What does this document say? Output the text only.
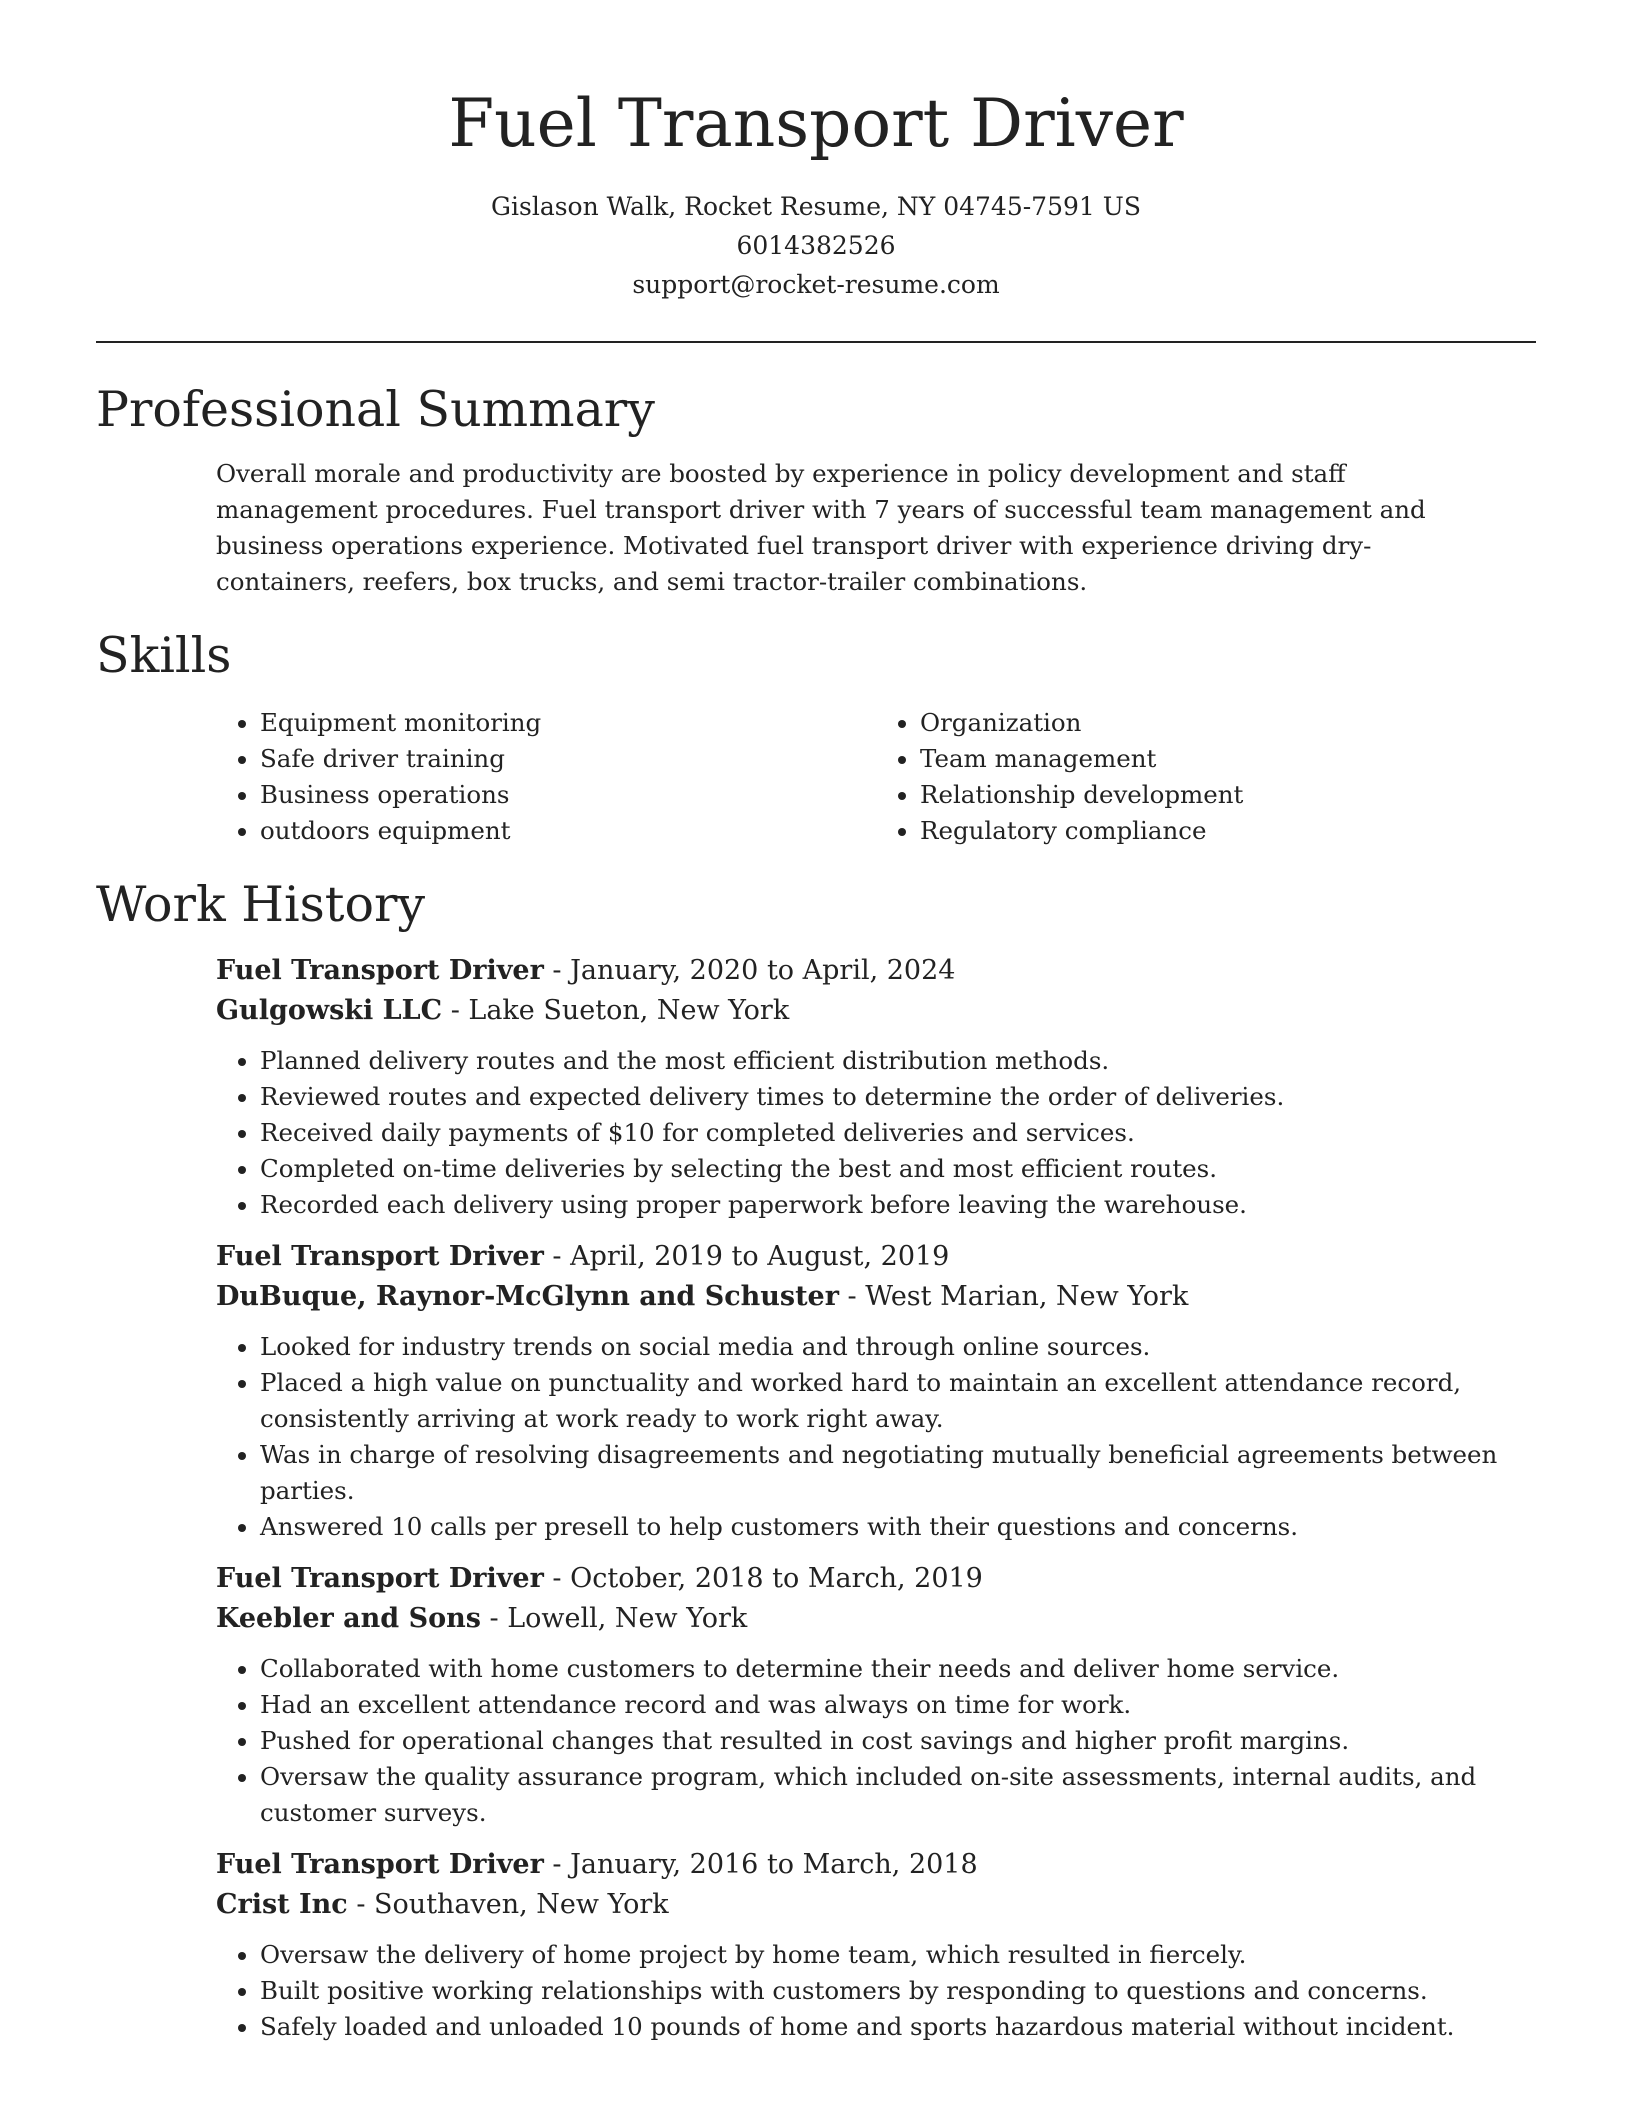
Fuel Transport Driver
Gislason Walk, Rocket Resume, NY 04745-7591 US
6014382526
support@rocket-resume.com
Professional Summary

Overall morale and productivity are boosted by experience in policy development and staff management procedures. Fuel transport driver with 7 years of successful team management and business operations experience. Motivated fuel transport driver with experience driving dry-containers, reefers, box trucks, and semi tractor-trailer combinations.

Skills
• Equipment monitoring
• Safe driver training
• Business operations
• outdoors equipment
• Organization
• Team management
• Relationship development
• Regulatory compliance
Work History
Fuel Transport Driver - January, 2020 to April, 2024
Gulgowski LLC - Lake Sueton, New York
• Planned delivery routes and the most efficient distribution methods.
• Reviewed routes and expected delivery times to determine the order of deliveries.
• Received daily payments of $10 for completed deliveries and services.
• Completed on-time deliveries by selecting the best and most efficient routes.
• Recorded each delivery using proper paperwork before leaving the warehouse.
Fuel Transport Driver - April, 2019 to August, 2019
DuBuque, Raynor-McGlynn and Schuster - West Marian, New York
• Looked for industry trends on social media and through online sources.
• Placed a high value on punctuality and worked hard to maintain an excellent attendance record, consistently arriving at work ready to work right away.
• Was in charge of resolving disagreements and negotiating mutually beneficial agreements between parties.
• Answered 10 calls per presell to help customers with their questions and concerns.
Fuel Transport Driver - October, 2018 to March, 2019
Keebler and Sons - Lowell, New York
• Collaborated with home customers to determine their needs and deliver home service.
• Had an excellent attendance record and was always on time for work.
• Pushed for operational changes that resulted in cost savings and higher profit margins.
• Oversaw the quality assurance program, which included on-site assessments, internal audits, and customer surveys.
Fuel Transport Driver - January, 2016 to March, 2018
Crist Inc - Southaven, New York
• Oversaw the delivery of home project by home team, which resulted in fiercely.
• Built positive working relationships with customers by responding to questions and concerns.
• Safely loaded and unloaded 10 pounds of home and sports hazardous material without incident.
